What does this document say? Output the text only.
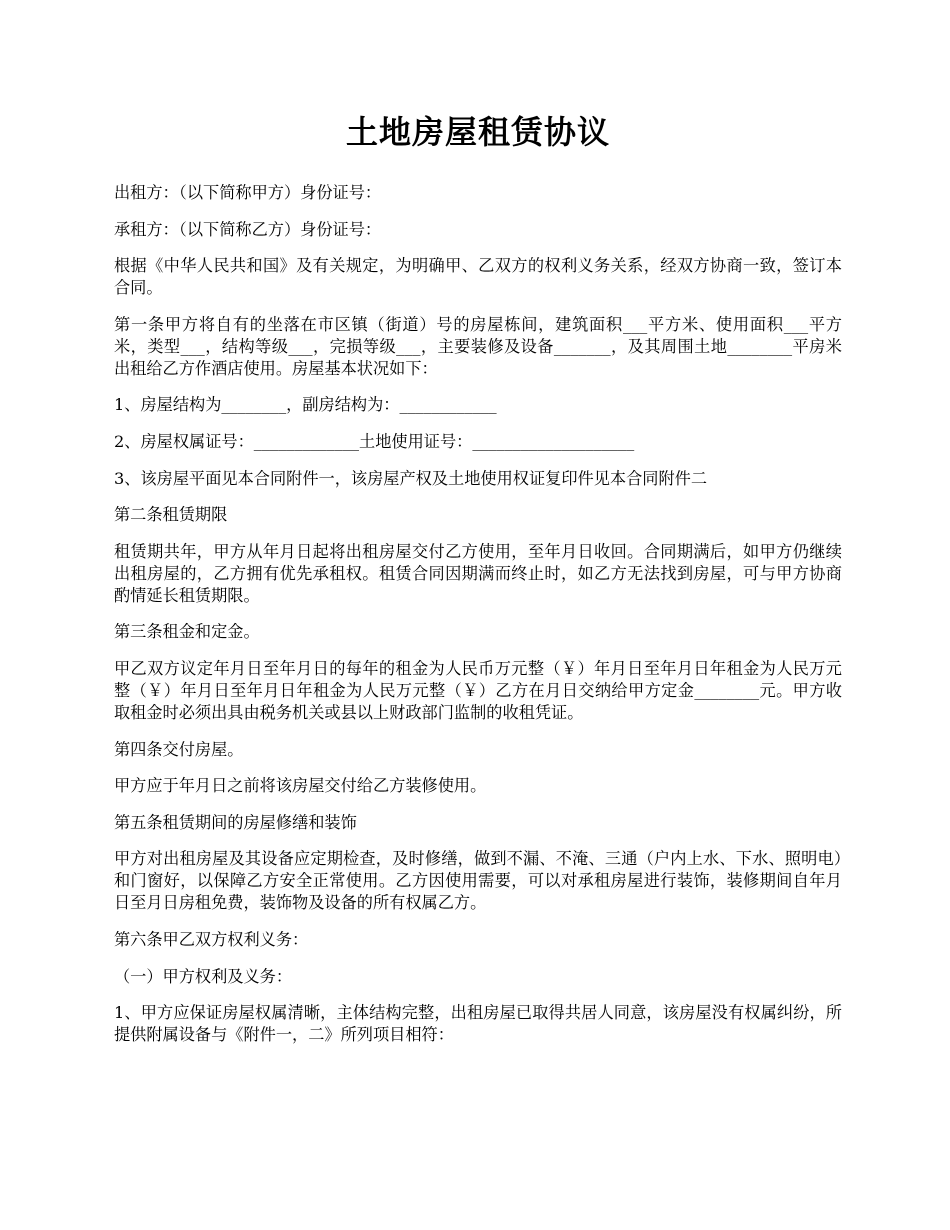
土地房屋租赁协议

出租方：（以下简称甲方）身份证号：

承租方：（以下简称乙方）身份证号：

根据《中华人民共和国》及有关规定，为明确甲、乙双方的权利义务关系，经双方协商一致，签订本合同。

第一条甲方将自有的坐落在市区镇（街道）号的房屋栋间，建筑面积___平方米、使用面积___平方米，类型___，结构等级___，完损等级___，主要装修及设备_______，及其周围土地________平房米出租给乙方作酒店使用。房屋基本状况如下：

1、房屋结构为________，副房结构为：____________

2、房屋权属证号：_____________土地使用证号：____________________

3、该房屋平面见本合同附件一，该房屋产权及土地使用权证复印件见本合同附件二

第二条租赁期限

租赁期共年，甲方从年月日起将出租房屋交付乙方使用，至年月日收回。合同期满后，如甲方仍继续出租房屋的，乙方拥有优先承租权。租赁合同因期满而终止时，如乙方无法找到房屋，可与甲方协商酌情延长租赁期限。

第三条租金和定金。

甲乙双方议定年月日至年月日的每年的租金为人民币万元整（￥）年月日至年月日年租金为人民万元整（￥）年月日至年月日年租金为人民万元整（￥）乙方在月日交纳给甲方定金________元。甲方收取租金时必须出具由税务机关或县以上财政部门监制的收租凭证。

第四条交付房屋。

甲方应于年月日之前将该房屋交付给乙方装修使用。

第五条租赁期间的房屋修缮和装饰

甲方对出租房屋及其设备应定期检查，及时修缮，做到不漏、不淹、三通（户内上水、下水、照明电）和门窗好，以保障乙方安全正常使用。乙方因使用需要，可以对承租房屋进行装饰，装修期间自年月日至月日房租免费，装饰物及设备的所有权属乙方。

第六条甲乙双方权利义务：

（一）甲方权利及义务：

1、甲方应保证房屋权属清晰，主体结构完整，出租房屋已取得共居人同意，该房屋没有权属纠纷，所提供附属设备与《附件一，二》所列项目相符：
